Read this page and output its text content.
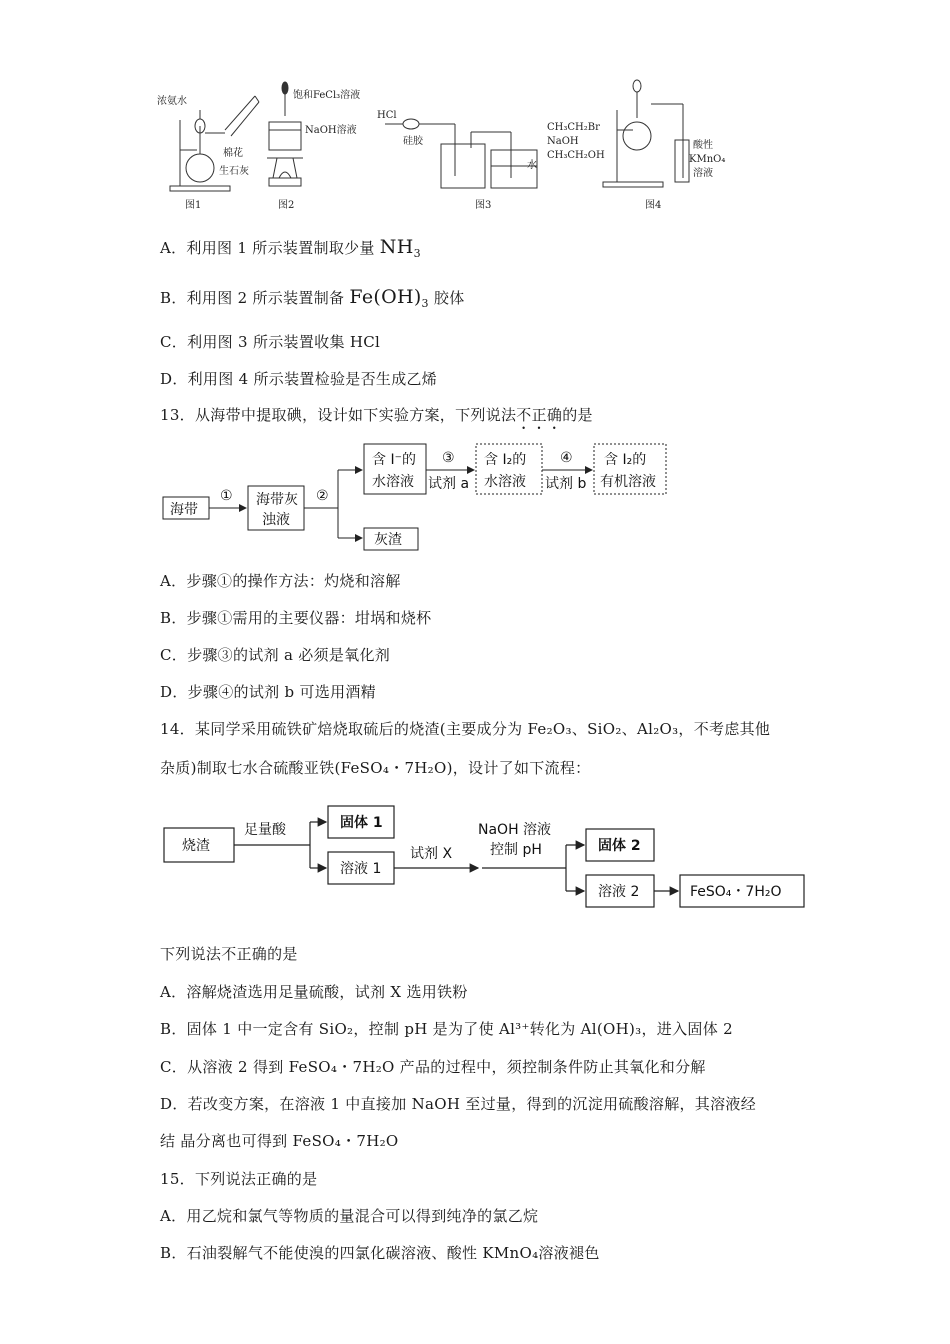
浓氨水
棉花
生石灰
图1
饱和FeCl₃溶液
NaOH溶液
图2
HCl
硅胶
水
图3
CH₃CH₂Br
NaOH
CH₃CH₂OH
酸性
KMnO₄
溶液
图4
A．利用图 1 所示装置制取少量 $NH_3$
B．利用图 2 所示装置制备 $Fe(OH)_3$ 胶体
C．利用图 3 所示装置收集 HCl
D．利用图 4 所示装置检验是否生成乙烯
13．从海带中提取碘，设计如下实验方案，下列说法不正确的是
海带
① 海带灰
浊液
②
含 I⁻的
水溶液
③
试剂 a
含 I₂的
水溶液
④
试剂 b
含 I₂的
有机溶液
灰渣
A．步骤①的操作方法：灼烧和溶解
B．步骤①需用的主要仪器：坩埚和烧杯
C．步骤③的试剂 a 必须是氧化剂
D．步骤④的试剂 b 可选用酒精
14．某同学采用硫铁矿焙烧取硫后的烧渣(主要成分为 Fe₂O₃、SiO₂、Al₂O₃，不考虑其他
杂质)制取七水合硫酸亚铁(FeSO₄・7H₂O)，设计了如下流程：
烧渣
足量酸	固体 1
溶液 1
试剂 X
NaOH 溶液
控制 pH	固体 2
溶液 2	FeSO₄・7H₂O
下列说法不正确的是
A．溶解烧渣选用足量硫酸，试剂 X 选用铁粉
B．固体 1 中一定含有 SiO₂，控制 pH 是为了使 Al³⁺转化为 Al(OH)₃，进入固体 2
C．从溶液 2 得到 FeSO₄・7H₂O 产品的过程中，须控制条件防止其氧化和分解
D．若改变方案，在溶液 1 中直接加 NaOH 至过量，得到的沉淀用硫酸溶解，其溶液经
结 晶分离也可得到 FeSO₄・7H₂O
15．下列说法正确的是
A．用乙烷和氯气等物质的量混合可以得到纯净的氯乙烷
B．石油裂解气不能使溴的四氯化碳溶液、酸性 KMnO₄溶液褪色
